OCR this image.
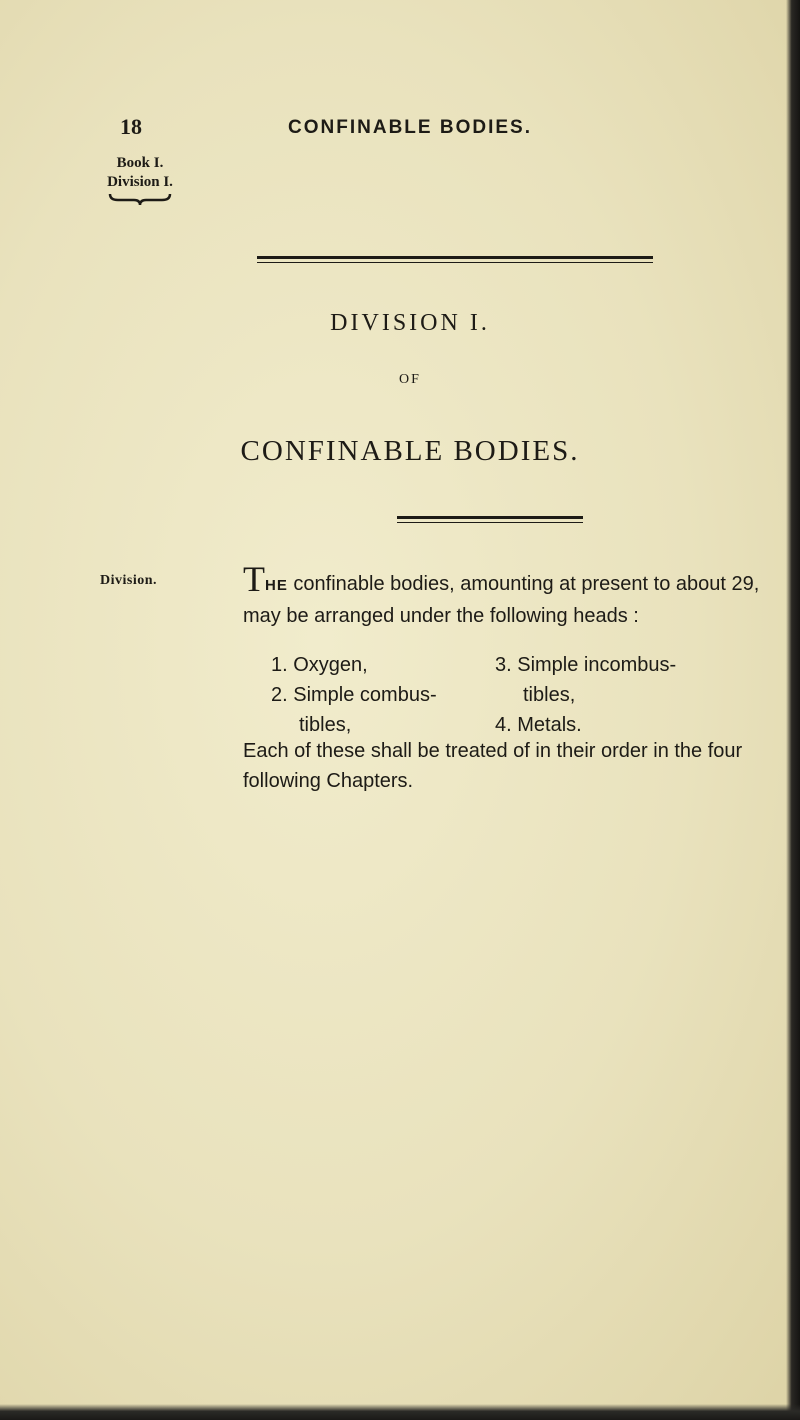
18	CONFINABLE BODIES.
Book I.
Division I.
DIVISION I.
OF
CONFINABLE BODIES.
Division. THE confinable bodies, amounting at present to about 29, may be arranged under the following heads :
1. Oxygen,
2. Simple combus-
tibles,
3. Simple incombus-
tibles,
4. Metals.
Each of these shall be treated of in their order in the four following Chapters.
